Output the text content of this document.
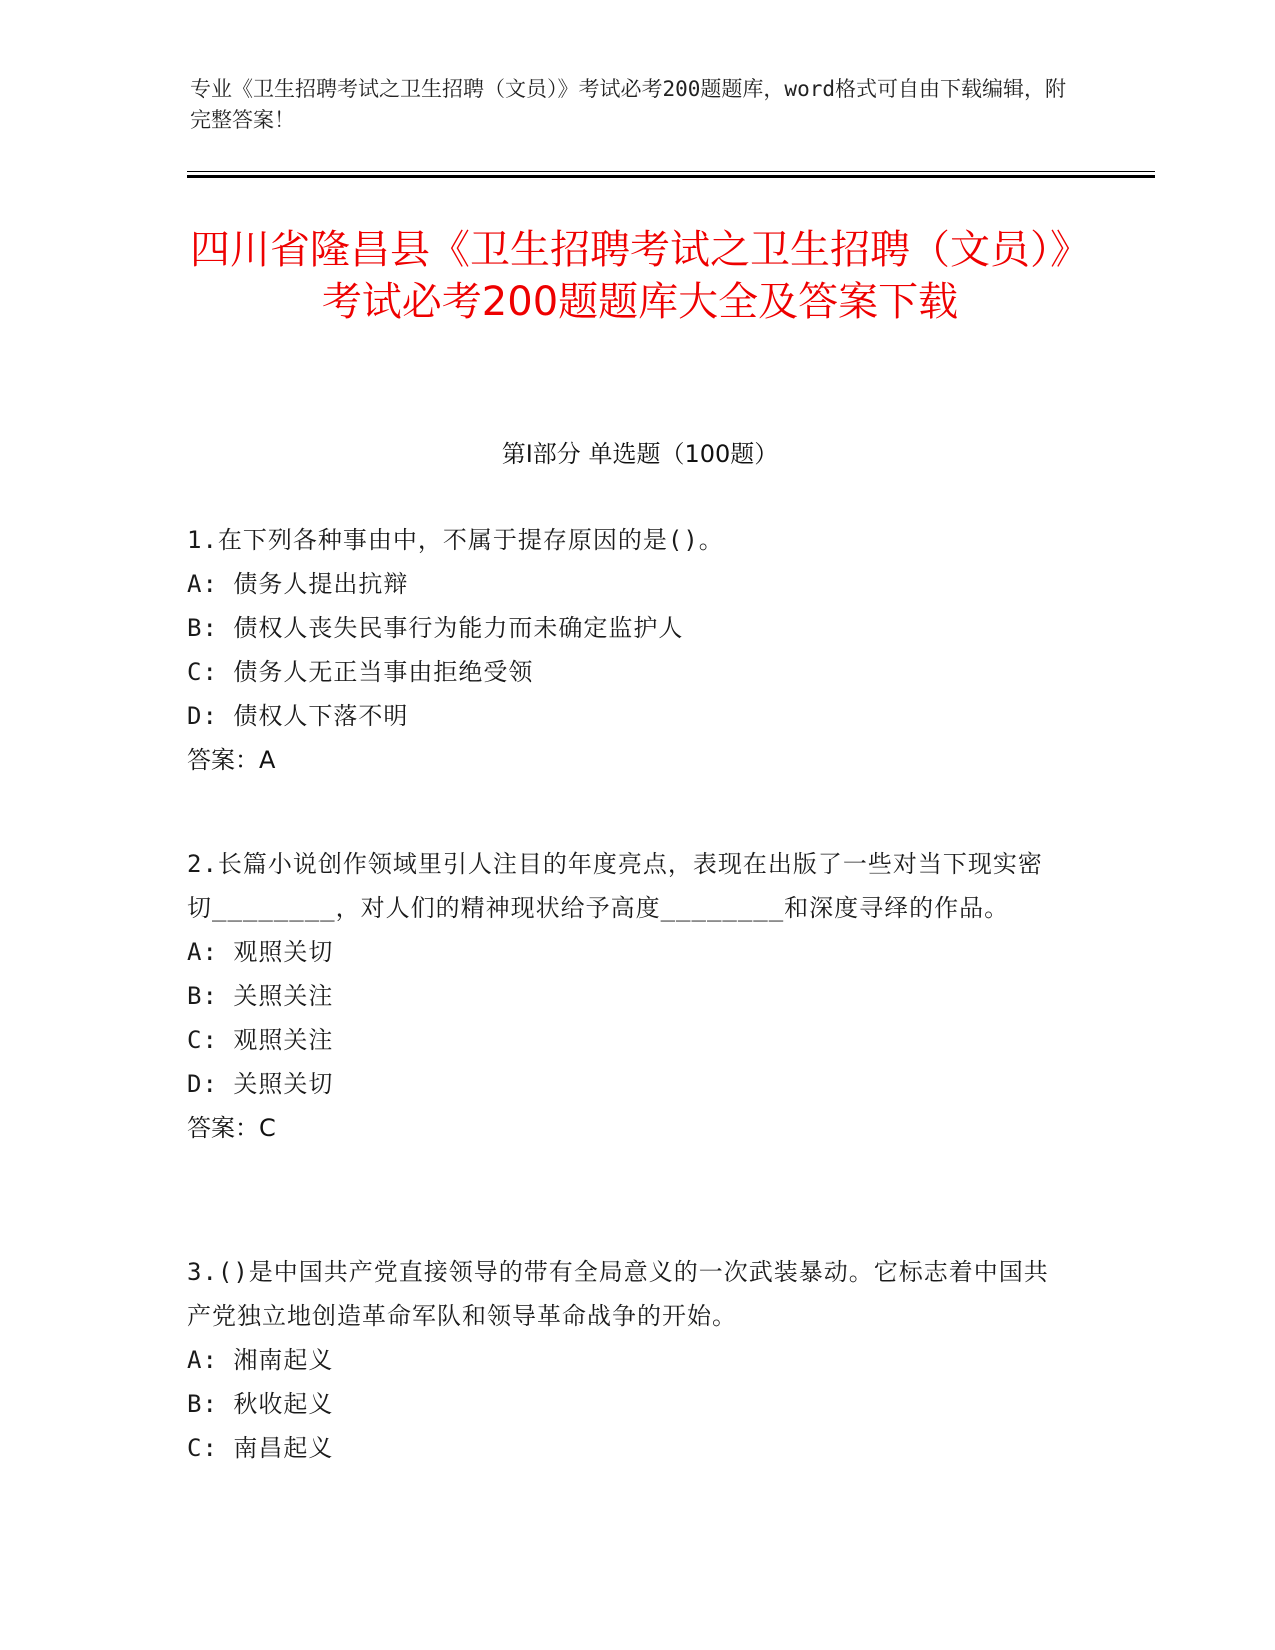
专业《卫生招聘考试之卫生招聘（文员）》考试必考200题题库，word格式可自由下载编辑，附完整答案！
四川省隆昌县《卫生招聘考试之卫生招聘（文员）》考试必考200题题库大全及答案下载
第I部分 单选题（100题）
1.在下列各种事由中，不属于提存原因的是()。
A: 债务人提出抗辩
B: 债权人丧失民事行为能力而未确定监护人
C: 债务人无正当事由拒绝受领
D: 债权人下落不明
答案：A
2.长篇小说创作领域里引人注目的年度亮点，表现在出版了一些对当下现实密切________，对人们的精神现状给予高度________和深度寻绎的作品。
A: 观照关切
B: 关照关注
C: 观照关注
D: 关照关切
答案：C
3.()是中国共产党直接领导的带有全局意义的一次武装暴动。它标志着中国共产党独立地创造革命军队和领导革命战争的开始。
A: 湘南起义
B: 秋收起义
C: 南昌起义
